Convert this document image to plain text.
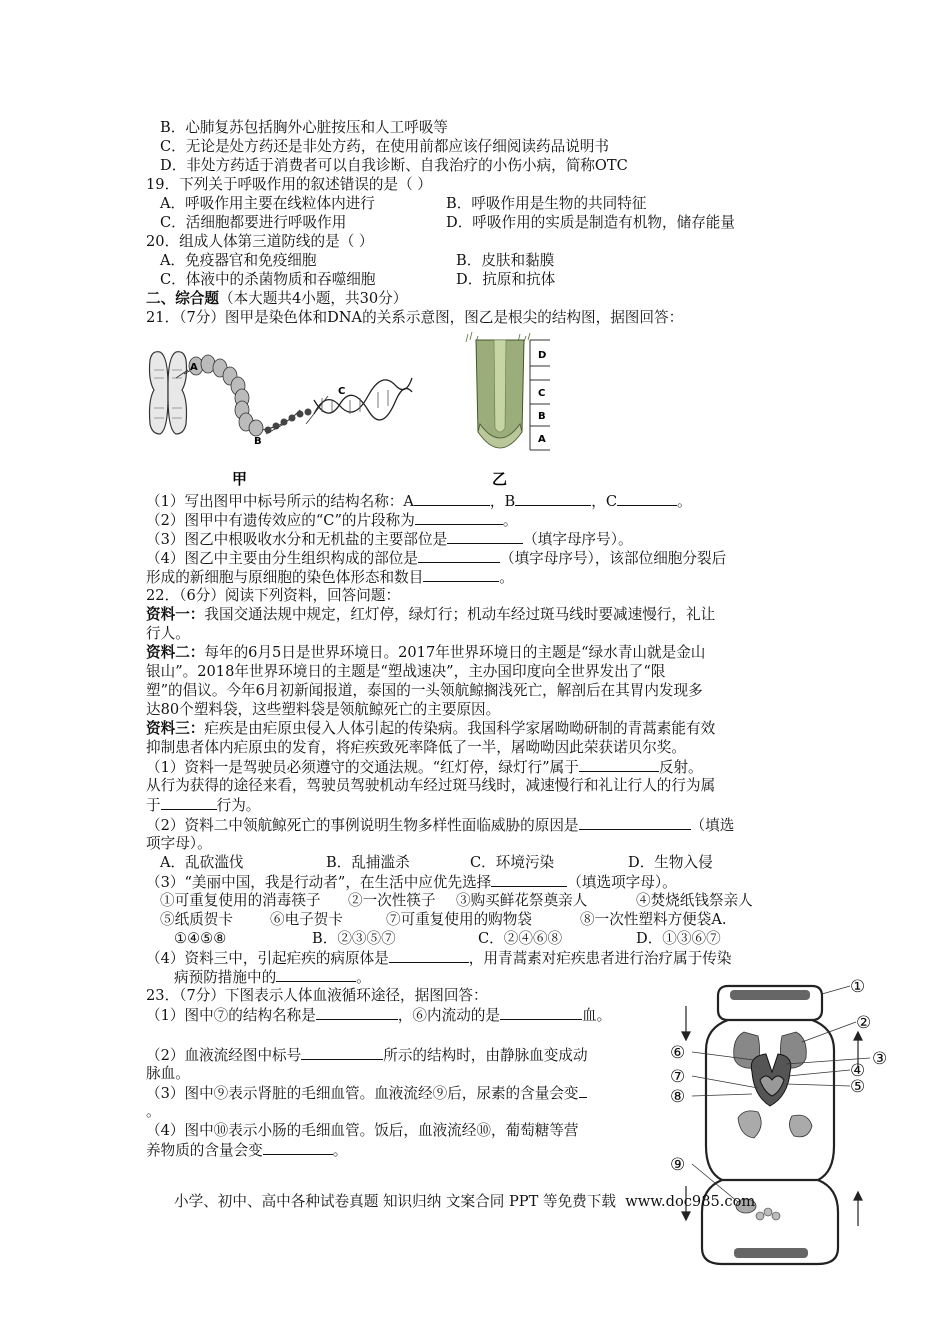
B．心肺复苏包括胸外心脏按压和人工呼吸等
C．无论是处方药还是非处方药，在使用前都应该仔细阅读药品说明书
D．非处方药适于消费者可以自我诊断、自我治疗的小伤小病，简称OTC
19．下列关于呼吸作用的叙述错误的是（ ）
A．呼吸作用主要在线粒体内进行	B．呼吸作用是生物的共同特征
C．活细胞都要进行呼吸作用	D．呼吸作用的实质是制造有机物，储存能量
20．组成人体第三道防线的是（ ）
A．免疫器官和免疫细胞	B．皮肤和黏膜
C．体液中的杀菌物质和吞噬细胞	D．抗原和抗体
二、综合题（本大题共4小题，共30分）
21．（7分）图甲是染色体和DNA的关系示意图，图乙是根尖的结构图，据图回答：
A
C
B
甲
D
C
B
A
乙
（1）写出图甲中标号所示的结构名称：A	，B	，C	。
（2）图甲中有遗传效应的“C”的片段称为	。
（3）图乙中根吸收水分和无机盐的主要部位是	（填字母序号）。
（4）图乙中主要由分生组织构成的部位是	（填字母序号），该部位细胞分裂后
形成的新细胞与原细胞的染色体形态和数目	。
22．（6分）阅读下列资料，回答问题：
资料一：我国交通法规中规定，红灯停，绿灯行；机动车经过斑马线时要减速慢行，礼让
行人。
资料二：每年的6月5日是世界环境日。2017年世界环境日的主题是“绿水青山就是金山
银山”。2018年世界环境日的主题是“塑战速决”，主办国印度向全世界发出了“限
塑”的倡议。今年6月初新闻报道，泰国的一头领航鲸搁浅死亡，解剖后在其胃内发现多
达80个塑料袋，这些塑料袋是领航鲸死亡的主要原因。
资料三：疟疾是由疟原虫侵入人体引起的传染病。我国科学家屠呦呦研制的青蒿素能有效
抑制患者体内疟原虫的发育，将疟疾致死率降低了一半，屠呦呦因此荣获诺贝尔奖。
（1）资料一是驾驶员必须遵守的交通法规。“红灯停，绿灯行”属于	反射。
从行为获得的途径来看，驾驶员驾驶机动车经过斑马线时，减速慢行和礼让行人的行为属
于	行为。
（2）资料二中领航鲸死亡的事例说明生物多样性面临威胁的原因是	（填选
项字母）。
A．乱砍滥伐	B．乱捕滥杀	C．环境污染	D．生物入侵
（3）“美丽中国，我是行动者”，在生活中应优先选择	（填选项字母）。
①可重复使用的消毒筷子 ②一次性筷子 ③购买鲜花祭奠亲人	④焚烧纸钱祭亲人
⑤纸质贺卡	⑥电子贺卡	⑦可重复使用的购物袋	⑧一次性塑料方便袋A.
①④⑤⑧	B．②③⑤⑦	C．②④⑥⑧	D．①③⑥⑦
（4）资料三中，引起疟疾的病原体是	，用青蒿素对疟疾患者进行治疗属于传染
病预防措施中的	。
23．（7分）下图表示人体血液循环途径，据图回答：
（1）图中⑦的结构名称是	，⑥内流动的是	血。
（2）血液流经图中标号	所示的结构时，由静脉血变成动
脉血。
（3）图中⑨表示肾脏的毛细血管。血液流经⑨后，尿素的含量会变
。
（4）图中⑩表示小肠的毛细血管。饭后，血液流经⑩，葡萄糖等营
养物质的含量会变	。
①
②
③
④
⑤
⑥
⑦
⑧
⑨
小学、初中、高中各种试卷真题 知识归纳 文案合同 PPT 等免费下载 www.doc985.com
